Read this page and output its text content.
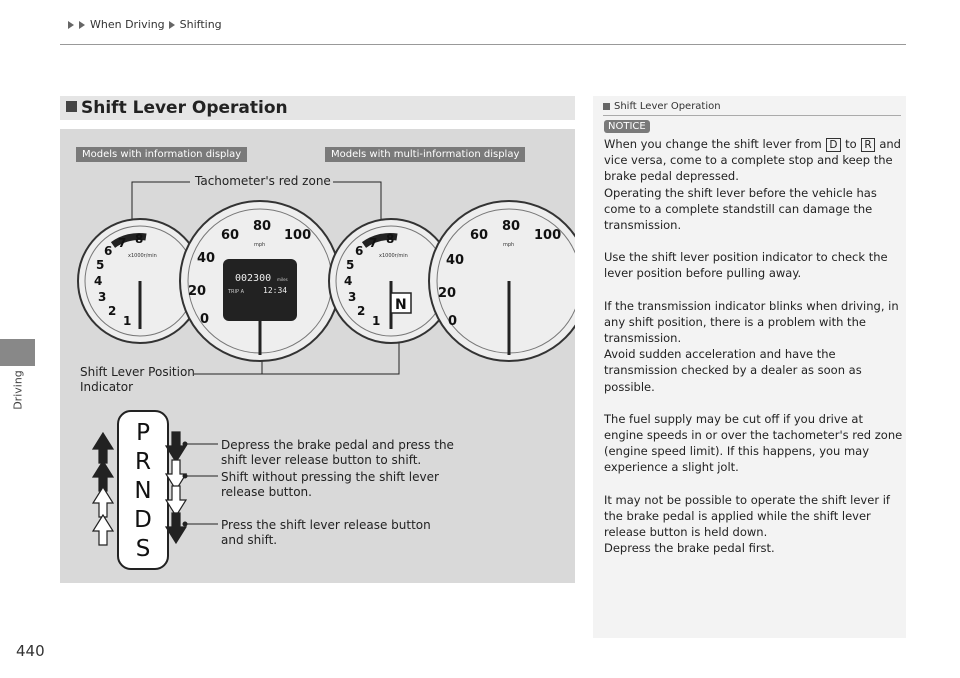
When Driving Shifting
Driving
440
Shift Lever Operation
Models with information display	Models with multi-information display
Tachometer's red zone
Shift Lever Position
Indicator
1
2
3
4
5
6
7 8
x1000r/min
002300 miles
TRIP A 12:34
0
20
40
60
80
100
mph
1
2
3
4
5
6
7 8
x1000r/min
N
0
20
40
60
80
100
mph
P
R
N
D
S
Depress the brake pedal and press the
shift lever release button to shift.
Shift without pressing the shift lever
release button.
Press the shift lever release button
and shift.
Shift Lever Operation
NOTICE

When you change the shift lever from D to R and vice versa, come to a complete stop and keep the brake pedal depressed.
Operating the shift lever before the vehicle has come to a complete standstill can damage the transmission.

Use the shift lever position indicator to check the lever position before pulling away.

If the transmission indicator blinks when driving, in any shift position, there is a problem with the transmission.
Avoid sudden acceleration and have the transmission checked by a dealer as soon as possible.

The fuel supply may be cut off if you drive at engine speeds in or over the tachometer's red zone (engine speed limit). If this happens, you may experience a slight jolt.

It may not be possible to operate the shift lever if the brake pedal is applied while the shift lever release button is held down.
Depress the brake pedal first.
